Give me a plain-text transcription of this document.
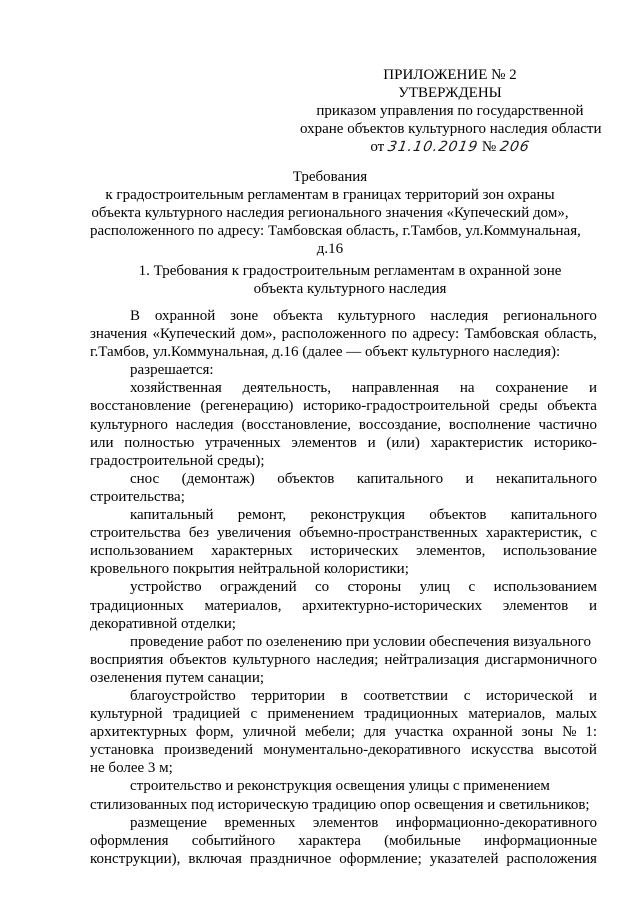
ПРИЛОЖЕНИЕ № 2
УТВЕРЖДЕНЫ
приказом управления по государственной
охране объектов культурного наследия области
от 31.10.2019 № 206
Требования
к градостроительным регламентам в границах территорий зон охраны
объекта культурного наследия регионального значения «Купеческий дом»,
расположенного по адресу: Тамбовская область, г.Тамбов, ул.Коммунальная,
д.16
1. Требования к градостроительным регламентам в охранной зоне
объекта культурного наследия
В охранной зоне объекта культурного наследия регионального
значения «Купеческий дом», расположенного по адресу: Тамбовская область,
г.Тамбов, ул.Коммунальная, д.16 (далее — объект культурного наследия):
разрешается:
хозяйственная деятельность, направленная на сохранение и
восстановление (регенерацию) историко-градостроительной среды объекта
культурного наследия (восстановление, воссоздание, восполнение частично
или полностью утраченных элементов и (или) характеристик историко-
градостроительной среды);
снос (демонтаж) объектов капитального и некапитального
строительства;
капитальный ремонт, реконструкция объектов капитального
строительства без увеличения объемно-пространственных характеристик, с
использованием характерных исторических элементов, использование
кровельного покрытия нейтральной колористики;
устройство ограждений со стороны улиц с использованием
традиционных материалов, архитектурно-исторических элементов и
декоративной отделки;
проведение работ по озеленению при условии обеспечения визуального
восприятия объектов культурного наследия; нейтрализация дисгармоничного
озеленения путем санации;
благоустройство территории в соответствии с исторической и
культурной традицией с применением традиционных материалов, малых
архитектурных форм, уличной мебели; для участка охранной зоны № 1:
установка произведений монументально-декоративного искусства высотой
не более 3 м;
строительство и реконструкция освещения улицы с применением
стилизованных под историческую традицию опор освещения и светильников;
размещение временных элементов информационно-декоративного
оформления событийного характера (мобильные информационные
конструкции), включая праздничное оформление; указателей расположения
